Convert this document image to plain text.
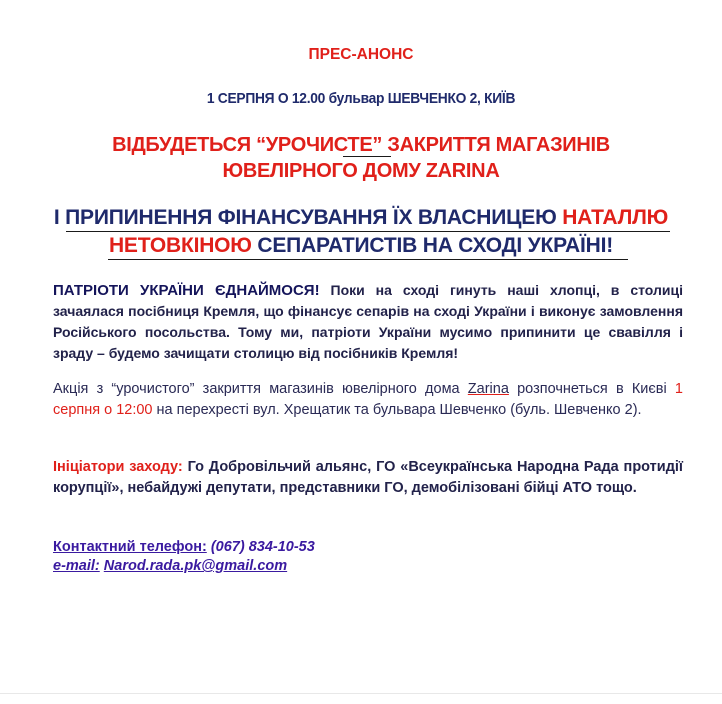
ПРЕС-АНОНС
1 СЕРПНЯ О 12.00 бульвар ШЕВЧЕНКО 2, КИЇВ
ВІДБУДЕТЬСЯ “УРОЧИСТЕ” ЗАКРИТТЯ МАГАЗИНІВ
ЮВЕЛІРНОГО ДОМУ ZARINA
І ПРИПИНЕННЯ ФІНАНСУВАННЯ ЇХ ВЛАСНИЦЕЮ НАТАЛЛЮ
НЕТОВКІНОЮ СЕПАРАТИСТІВ НА СХОДІ УКРАЇНІ!
ПАТРІОТИ УКРАЇНИ ЄДНАЙМОСЯ! Поки на сході гинуть наші хлопці, в столиці зачаялася посібниця Кремля, що фінансує сепарів на сході України і виконує замовлення Російського посольства. Тому ми, патріоти України мусимо припинити це свавілля і зраду – будемо зачищати столицю від посібників Кремля!
Акція з “урочистого” закриття магазинів ювелірного дома Zarina розпочнеться в Києві 1 серпня о 12:00 на перехресті вул. Хрещатик та бульвара Шевченко (буль. Шевченко 2).
Ініціатори заходу: Го Добровільчий альянс, ГО «Всеукраїнська Народна Рада протидії корупції», небайдужі депутати, представники ГО, демобілізовані бійці АТО тощо.
Контактний телефон: (067) 834-10-53
e-mail: Narod.rada.pk@gmail.com
